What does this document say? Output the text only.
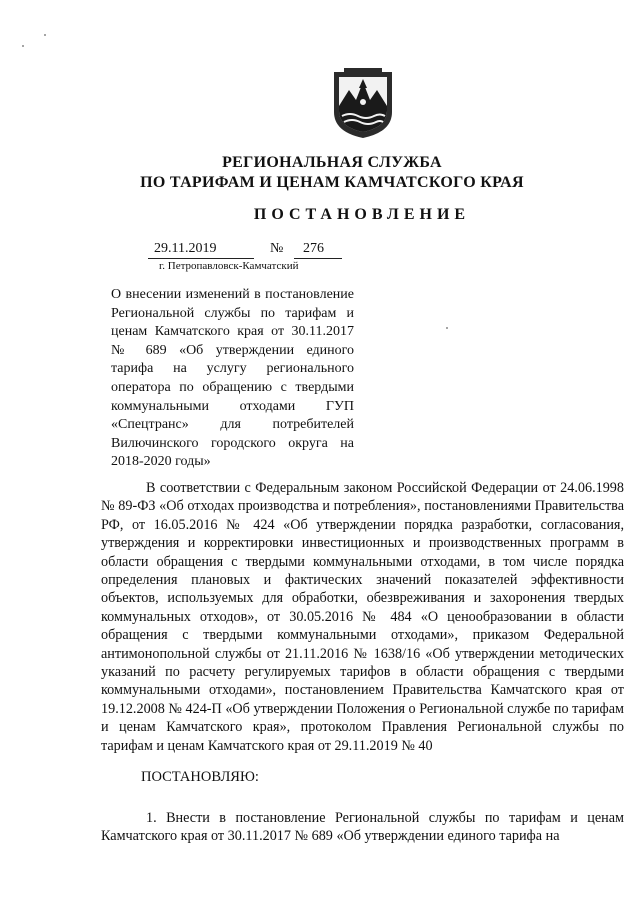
РЕГИОНАЛЬНАЯ СЛУЖБА
ПО ТАРИФАМ И ЦЕНАМ КАМЧАТСКОГО КРАЯ
ПОСТАНОВЛЕНИЕ
29.11.2019	№ 276
г. Петропавловск-Камчатский
О внесении изменений в постановление Региональной службы по тарифам и ценам Камчатского края от 30.11.2017 № 689 «Об утверждении единого тарифа на услугу регионального оператора по обращению с твердыми коммунальными отходами ГУП «Спецтранс» для потребителей Вилючинского городского округа на 2018-2020 годы»
В соответствии с Федеральным законом Российской Федерации от 24.06.1998 № 89-ФЗ «Об отходах производства и потребления», постановлениями Правительства РФ, от 16.05.2016 № 424 «Об утверждении порядка разработки, согласования, утверждения и корректировки инвестиционных и производственных программ в области обращения с твердыми коммунальными отходами, в том числе порядка определения плановых и фактических значений показателей эффективности объектов, используемых для обработки, обезвреживания и захоронения твердых коммунальных отходов», от 30.05.2016 № 484 «О ценообразовании в области обращения с твердыми коммунальными отходами», приказом Федеральной антимонопольной службы от 21.11.2016 № 1638/16 «Об утверждении методических указаний по расчету регулируемых тарифов в области обращения с твердыми коммунальными отходами», постановлением Правительства Камчатского края от 19.12.2008 № 424-П «Об утверждении Положения о Региональной службе по тарифам и ценам Камчатского края», протоколом Правления Региональной службы по тарифам и ценам Камчатского края от 29.11.2019 № 40
ПОСТАНОВЛЯЮ:
1. Внести в постановление Региональной службы по тарифам и ценам Камчатского края от 30.11.2017 № 689 «Об утверждении единого тарифа на
